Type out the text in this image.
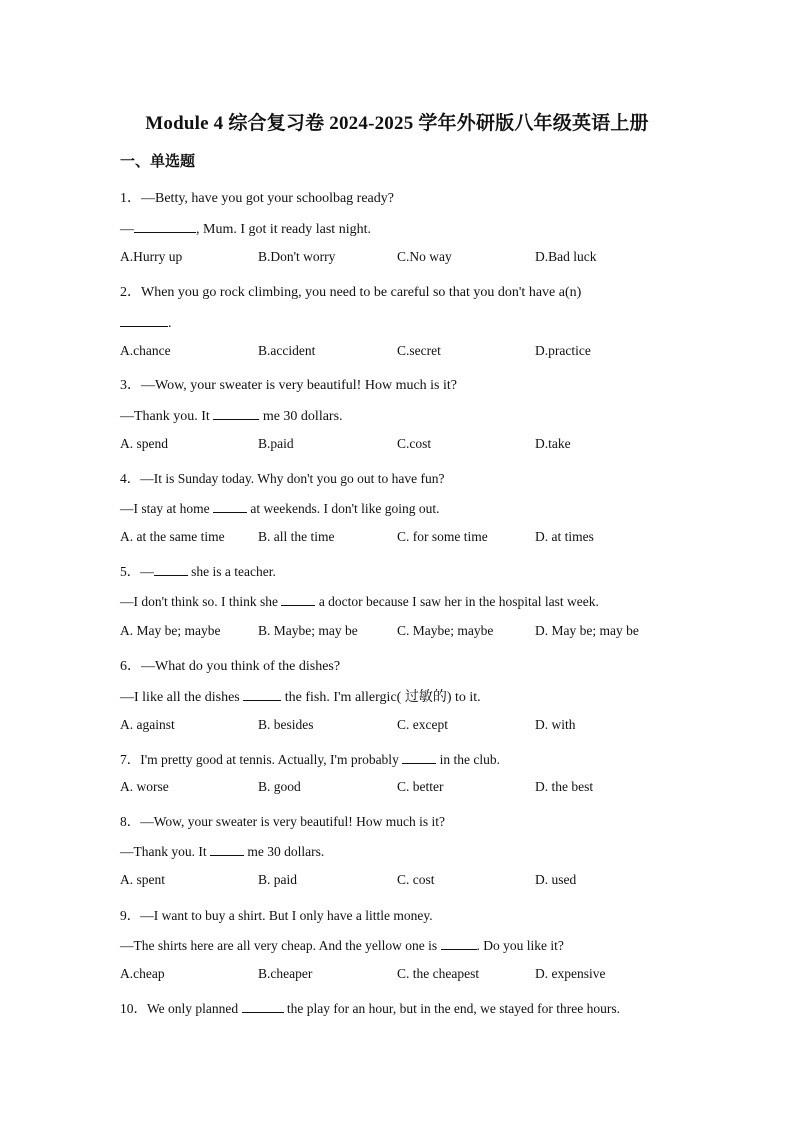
Module 4 综合复习卷 2024-2025 学年外研版八年级英语上册
一、单选题
1．—Betty, have you got your schoolbag ready?
—	, Mum. I got it ready last night.
A.Hurry up	B.Don't worry	C.No way	D.Bad luck
2．When you go rock climbing, you need to be careful so that you don't have a(n)
.
A.chance	B.accident	C.secret	D.practice
3．—Wow, your sweater is very beautiful! How much is it?
—Thank you. It	me 30 dollars.
A. spend	B.paid	C.cost	D.take
4．—It is Sunday today. Why don't you go out to have fun?
—I stay at home	at weekends. I don't like going out.
A. at the same time B. all the time	C. for some time	D. at times
5．—	she is a teacher.
—I don't think so. I think she	a doctor because I saw her in the hospital last week.
A. May be; maybe	B. Maybe; may be	C. Maybe; maybe	D. May be; may be
6．—What do you think of the dishes?
—I like all the dishes	the fish. I'm allergic( 过敏的) to it.
A. against	B. besides	C. except	D. with
7．I'm pretty good at tennis. Actually, I'm probably	in the club.
A. worse	B. good	C. better	D. the best
8．—Wow, your sweater is very beautiful! How much is it?
—Thank you. It	me 30 dollars.
A. spent	B. paid	C. cost	D. used
9．—I want to buy a shirt. But I only have a little money.
—The shirts here are all very cheap. And the yellow one is	. Do you like it?
A.cheap	B.cheaper	C. the cheapest	D. expensive
10．We only planned	the play for an hour, but in the end, we stayed for three hours.
